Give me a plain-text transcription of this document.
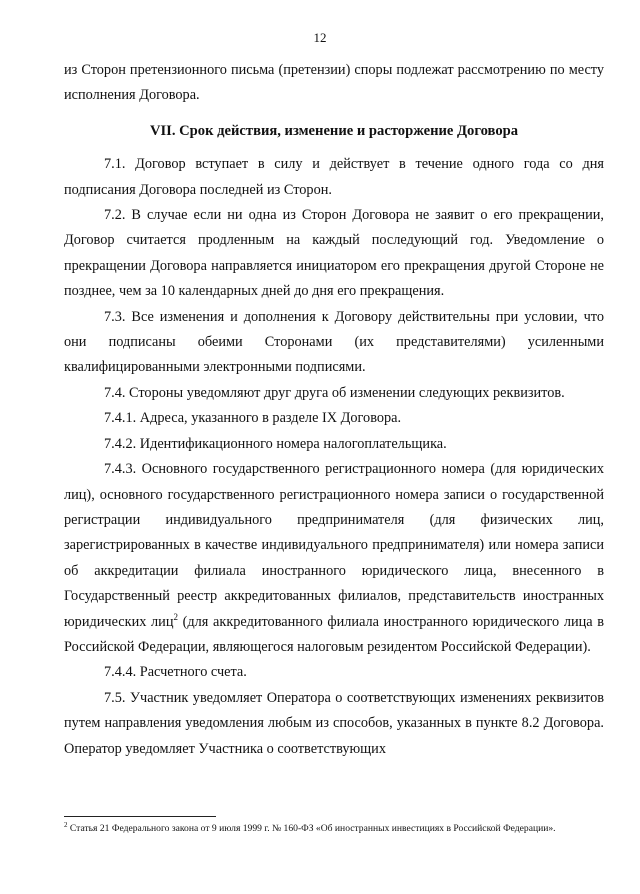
12

из Сторон претензионного письма (претензии) споры подлежат рассмотрению по месту исполнения Договора.

VII. Срок действия, изменение и расторжение Договора

7.1. Договор вступает в силу и действует в течение одного года со дня подписания Договора последней из Сторон.

7.2. В случае если ни одна из Сторон Договора не заявит о его прекращении, Договор считается продленным на каждый последующий год. Уведомление о прекращении Договора направляется инициатором его прекращения другой Стороне не позднее, чем за 10 календарных дней до дня его прекращения.

7.3. Все изменения и дополнения к Договору действительны при условии, что они подписаны обеими Сторонами (их представителями) усиленными квалифицированными электронными подписями.

7.4. Стороны уведомляют друг друга об изменении следующих реквизитов.

7.4.1. Адреса, указанного в разделе IX Договора.

7.4.2. Идентификационного номера налогоплательщика.

7.4.3. Основного государственного регистрационного номера (для юридических лиц), основного государственного регистрационного номера записи о государственной регистрации индивидуального предпринимателя (для физических лиц, зарегистрированных в качестве индивидуального предпринимателя) или номера записи об аккредитации филиала иностранного юридического лица, внесенного в Государственный реестр аккредитованных филиалов, представительств иностранных юридических лиц$^2$ (для аккредитованного филиала иностранного юридического лица в Российской Федерации, являющегося налоговым резидентом Российской Федерации).

7.4.4. Расчетного счета.

7.5. Участник уведомляет Оператора о соответствующих изменениях реквизитов путем направления уведомления любым из способов, указанных в пункте 8.2 Договора. Оператор уведомляет Участника о соответствующих

$^2$ Статья 21 Федерального закона от 9 июля 1999 г. № 160-ФЗ «Об иностранных инвестициях в Российской Федерации».
